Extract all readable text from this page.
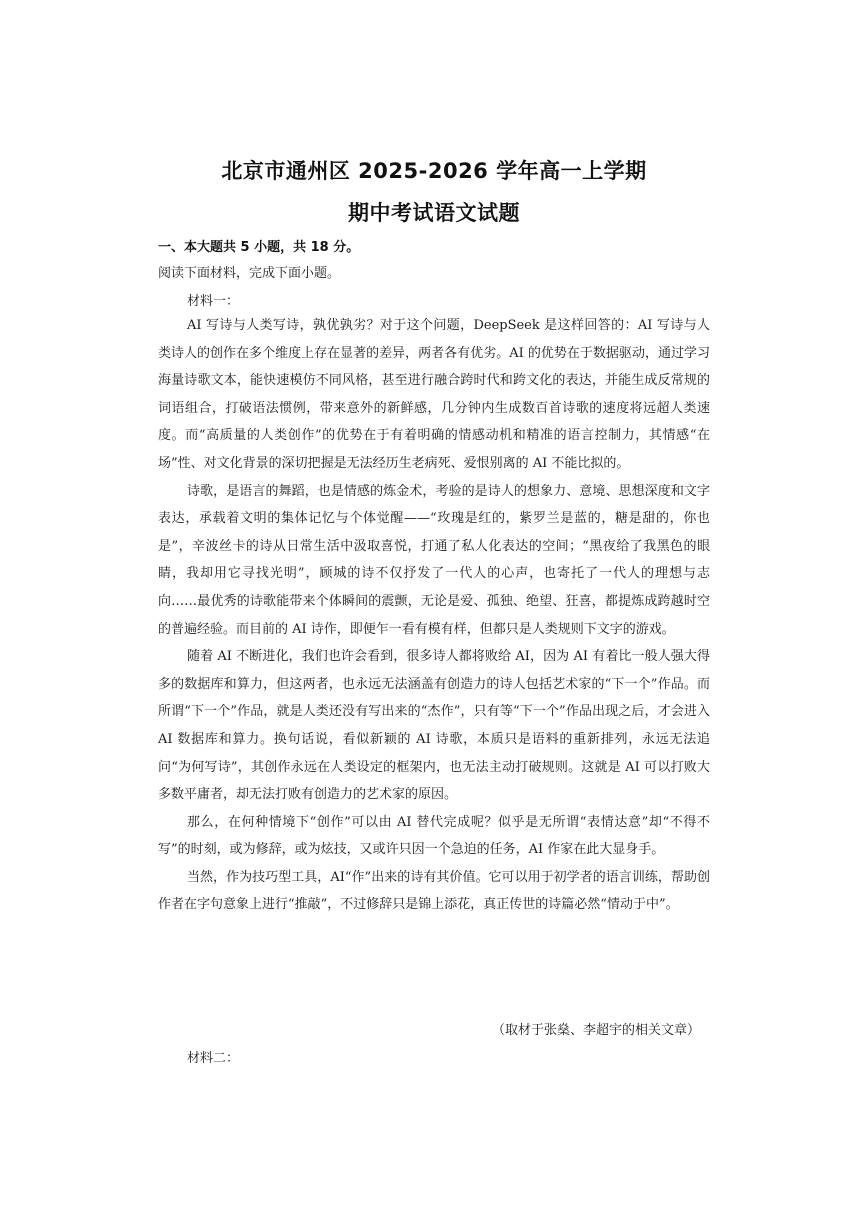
北京市通州区 2025-2026 学年高一上学期
期中考试语文试题
一、本大题共 5 小题，共 18 分。
阅读下面材料，完成下面小题。
材料一：

AI 写诗与人类写诗，孰优孰劣？对于这个问题，DeepSeek 是这样回答的：AI 写诗与人类诗人的创作在多个维度上存在显著的差异，两者各有优劣。AI 的优势在于数据驱动，通过学习海量诗歌文本，能快速模仿不同风格，甚至进行融合跨时代和跨文化的表达，并能生成反常规的词语组合，打破语法惯例，带来意外的新鲜感，几分钟内生成数百首诗歌的速度将远超人类速度。而“高质量的人类创作”的优势在于有着明确的情感动机和精准的语言控制力，其情感“在场”性、对文化背景的深切把握是无法经历生老病死、爱恨别离的 AI 不能比拟的。

诗歌，是语言的舞蹈，也是情感的炼金术，考验的是诗人的想象力、意境、思想深度和文字表达，承载着文明的集体记忆与个体觉醒——“玫瑰是红的，紫罗兰是蓝的，糖是甜的，你也是”，辛波丝卡的诗从日常生活中汲取喜悦，打通了私人化表达的空间；“黑夜给了我黑色的眼睛，我却用它寻找光明”，顾城的诗不仅抒发了一代人的心声，也寄托了一代人的理想与志向……最优秀的诗歌能带来个体瞬间的震颤，无论是爱、孤独、绝望、狂喜，都提炼成跨越时空的普遍经验。而目前的 AI 诗作，即便乍一看有模有样，但都只是人类规则下文字的游戏。

随着 AI 不断进化，我们也许会看到，很多诗人都将败给 AI，因为 AI 有着比一般人强大得多的数据库和算力，但这两者，也永远无法涵盖有创造力的诗人包括艺术家的“下一个”作品。而所谓“下一个”作品，就是人类还没有写出来的“杰作”，只有等“下一个”作品出现之后，才会进入 AI 数据库和算力。换句话说，看似新颖的 AI 诗歌，本质只是语料的重新排列，永远无法追问“为何写诗”，其创作永远在人类设定的框架内，也无法主动打破规则。这就是 AI 可以打败大多数平庸者，却无法打败有创造力的艺术家的原因。

那么，在何种情境下“创作”可以由 AI 替代完成呢？似乎是无所谓“表情达意”却“不得不写”的时刻，或为修辞，或为炫技，又或许只因一个急迫的任务，AI 作家在此大显身手。

当然，作为技巧型工具，AI“作”出来的诗有其价值。它可以用于初学者的语言训练，帮助创作者在字句意象上进行“推敲”，不过修辞只是锦上添花，真正传世的诗篇必然“情动于中”。

（取材于张燊、李超宇的相关文章）
材料二：
